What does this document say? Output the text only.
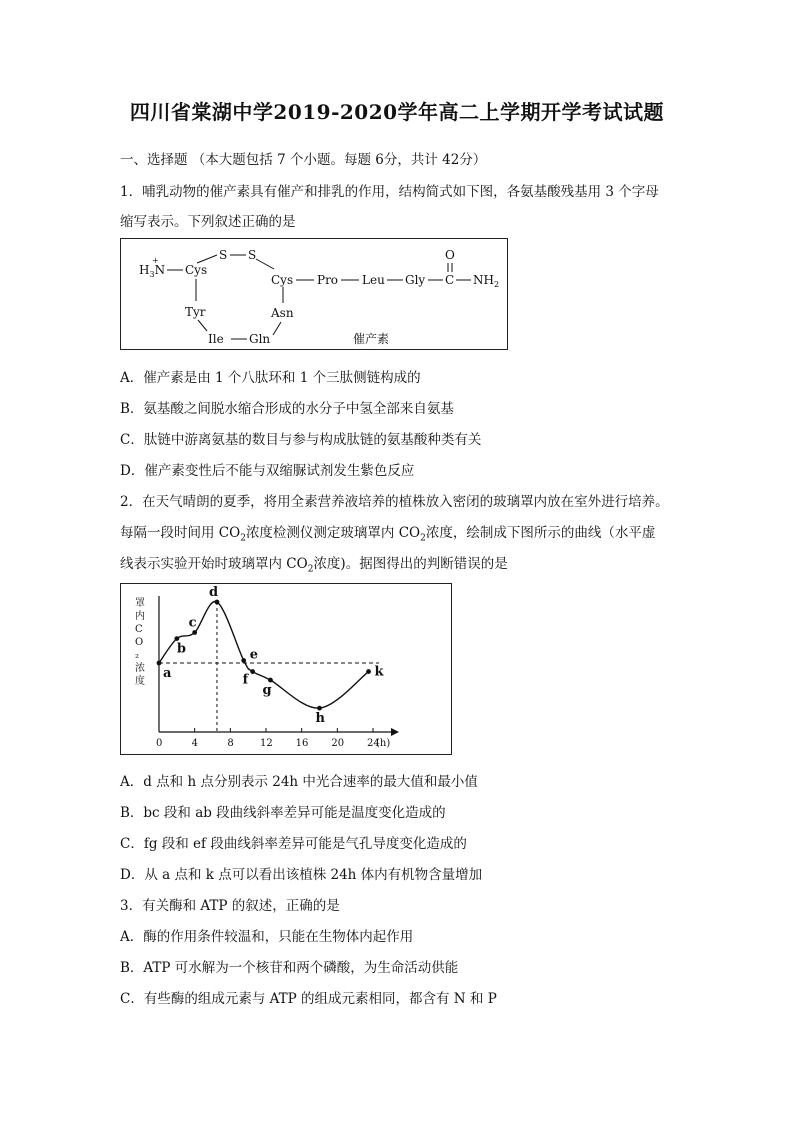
四川省棠湖中学2019-2020学年高二上学期开学考试试题
一、选择题 （本大题包括 7 个小题。每题 6分，共计 42分）
1．哺乳动物的催产素具有催产和排乳的作用，结构简式如下图，各氨基酸残基用 3 个字母
缩写表示。下列叙述正确的是
$H_3N$
+
Cys
S S
Cys Pro Leu Gly C
O
$NH_2$
Tyr
Ile Gln
Asn
催产素
A．催产素是由 1 个八肽环和 1 个三肽侧链构成的
B．氨基酸之间脱水缩合形成的水分子中氢全部来自氨基
C．肽链中游离氨基的数目与参与构成肽链的氨基酸种类有关
D．催产素变性后不能与双缩脲试剂发生紫色反应
2．在天气晴朗的夏季，将用全素营养液培养的植株放入密闭的玻璃罩内放在室外进行培养。
每隔一段时间用 $CO_2$浓度检测仪测定玻璃罩内 $CO_2$浓度，绘制成下图所示的曲线（水平虚
线表示实验开始时玻璃罩内 $CO_2$浓度)。据图得出的判断错误的是
(h)
罩内 C O ₂ 浓度
0	4	8	12 16 20 24
a
b
c
d
e
f
g
h
k
A．d 点和 h 点分别表示 24h 中光合速率的最大值和最小值
B．bc 段和 ab 段曲线斜率差异可能是温度变化造成的
C．fg 段和 ef 段曲线斜率差异可能是气孔导度变化造成的
D．从 a 点和 k 点可以看出该植株 24h 体内有机物含量增加
3．有关酶和 ATP 的叙述，正确的是
A．酶的作用条件较温和，只能在生物体内起作用
B．ATP 可水解为一个核苷和两个磷酸，为生命活动供能
C．有些酶的组成元素与 ATP 的组成元素相同，都含有 N 和 P
